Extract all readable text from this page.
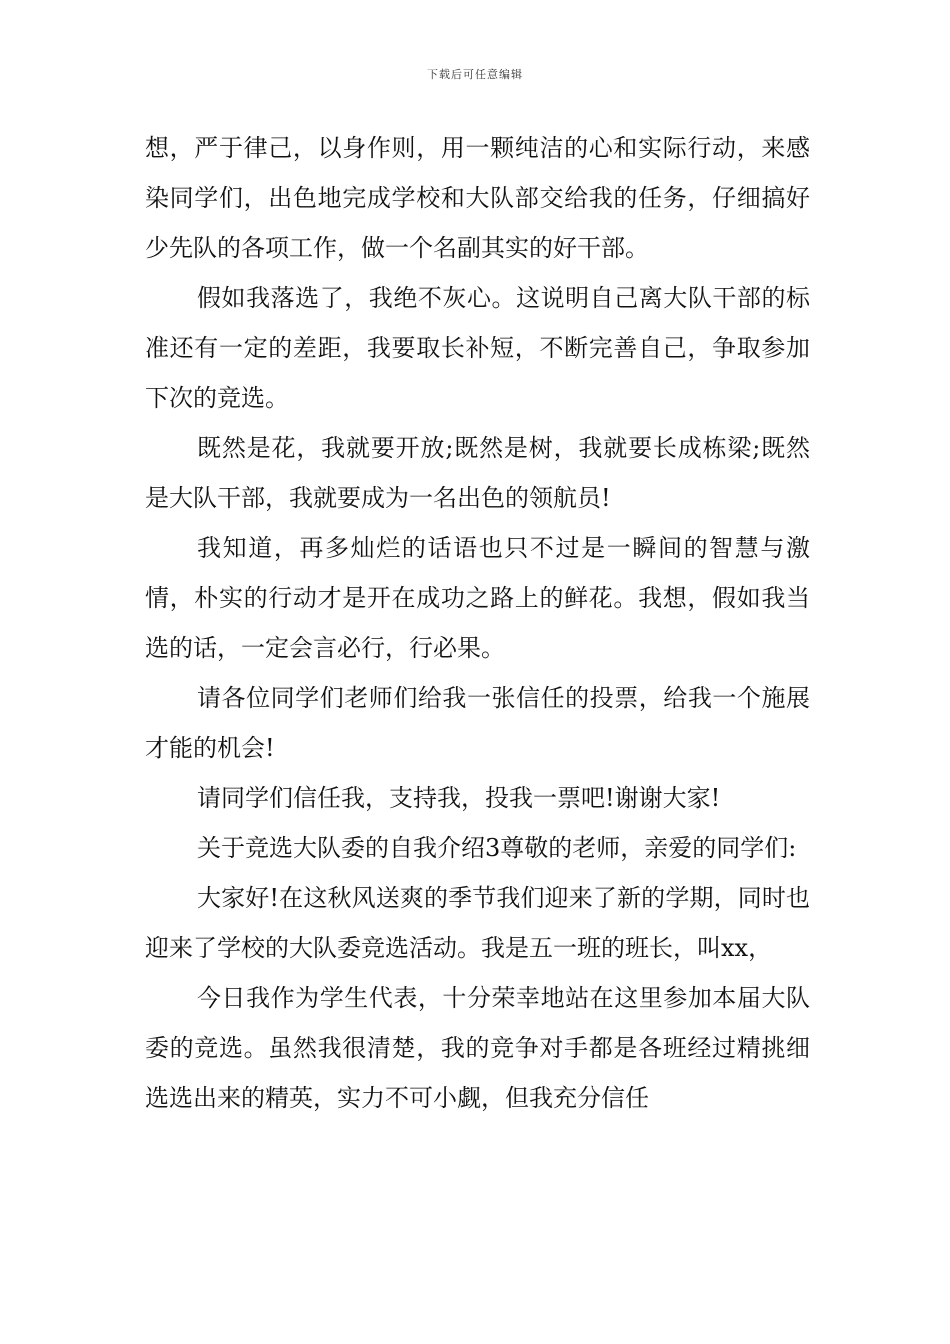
下载后可任意编辑

想，严于律己，以身作则，用一颗纯洁的心和实际行动，来感染同学们，出色地完成学校和大队部交给我的任务，仔细搞好少先队的各项工作，做一个名副其实的好干部。

假如我落选了，我绝不灰心。这说明自己离大队干部的标准还有一定的差距，我要取长补短，不断完善自己，争取参加下次的竞选。

既然是花，我就要开放;既然是树，我就要长成栋梁;既然是大队干部，我就要成为一名出色的领航员!

我知道，再多灿烂的话语也只不过是一瞬间的智慧与激情，朴实的行动才是开在成功之路上的鲜花。我想，假如我当选的话，一定会言必行，行必果。

请各位同学们老师们给我一张信任的投票，给我一个施展才能的机会!

请同学们信任我，支持我，投我一票吧!谢谢大家!

关于竞选大队委的自我介绍3尊敬的老师，亲爱的同学们:

大家好!在这秋风送爽的季节我们迎来了新的学期，同时也迎来了学校的大队委竞选活动。我是五一班的班长，叫xx，

今日我作为学生代表，十分荣幸地站在这里参加本届大队委的竞选。虽然我很清楚，我的竞争对手都是各班经过精挑细选选出来的精英，实力不可小觑，但我充分信任
